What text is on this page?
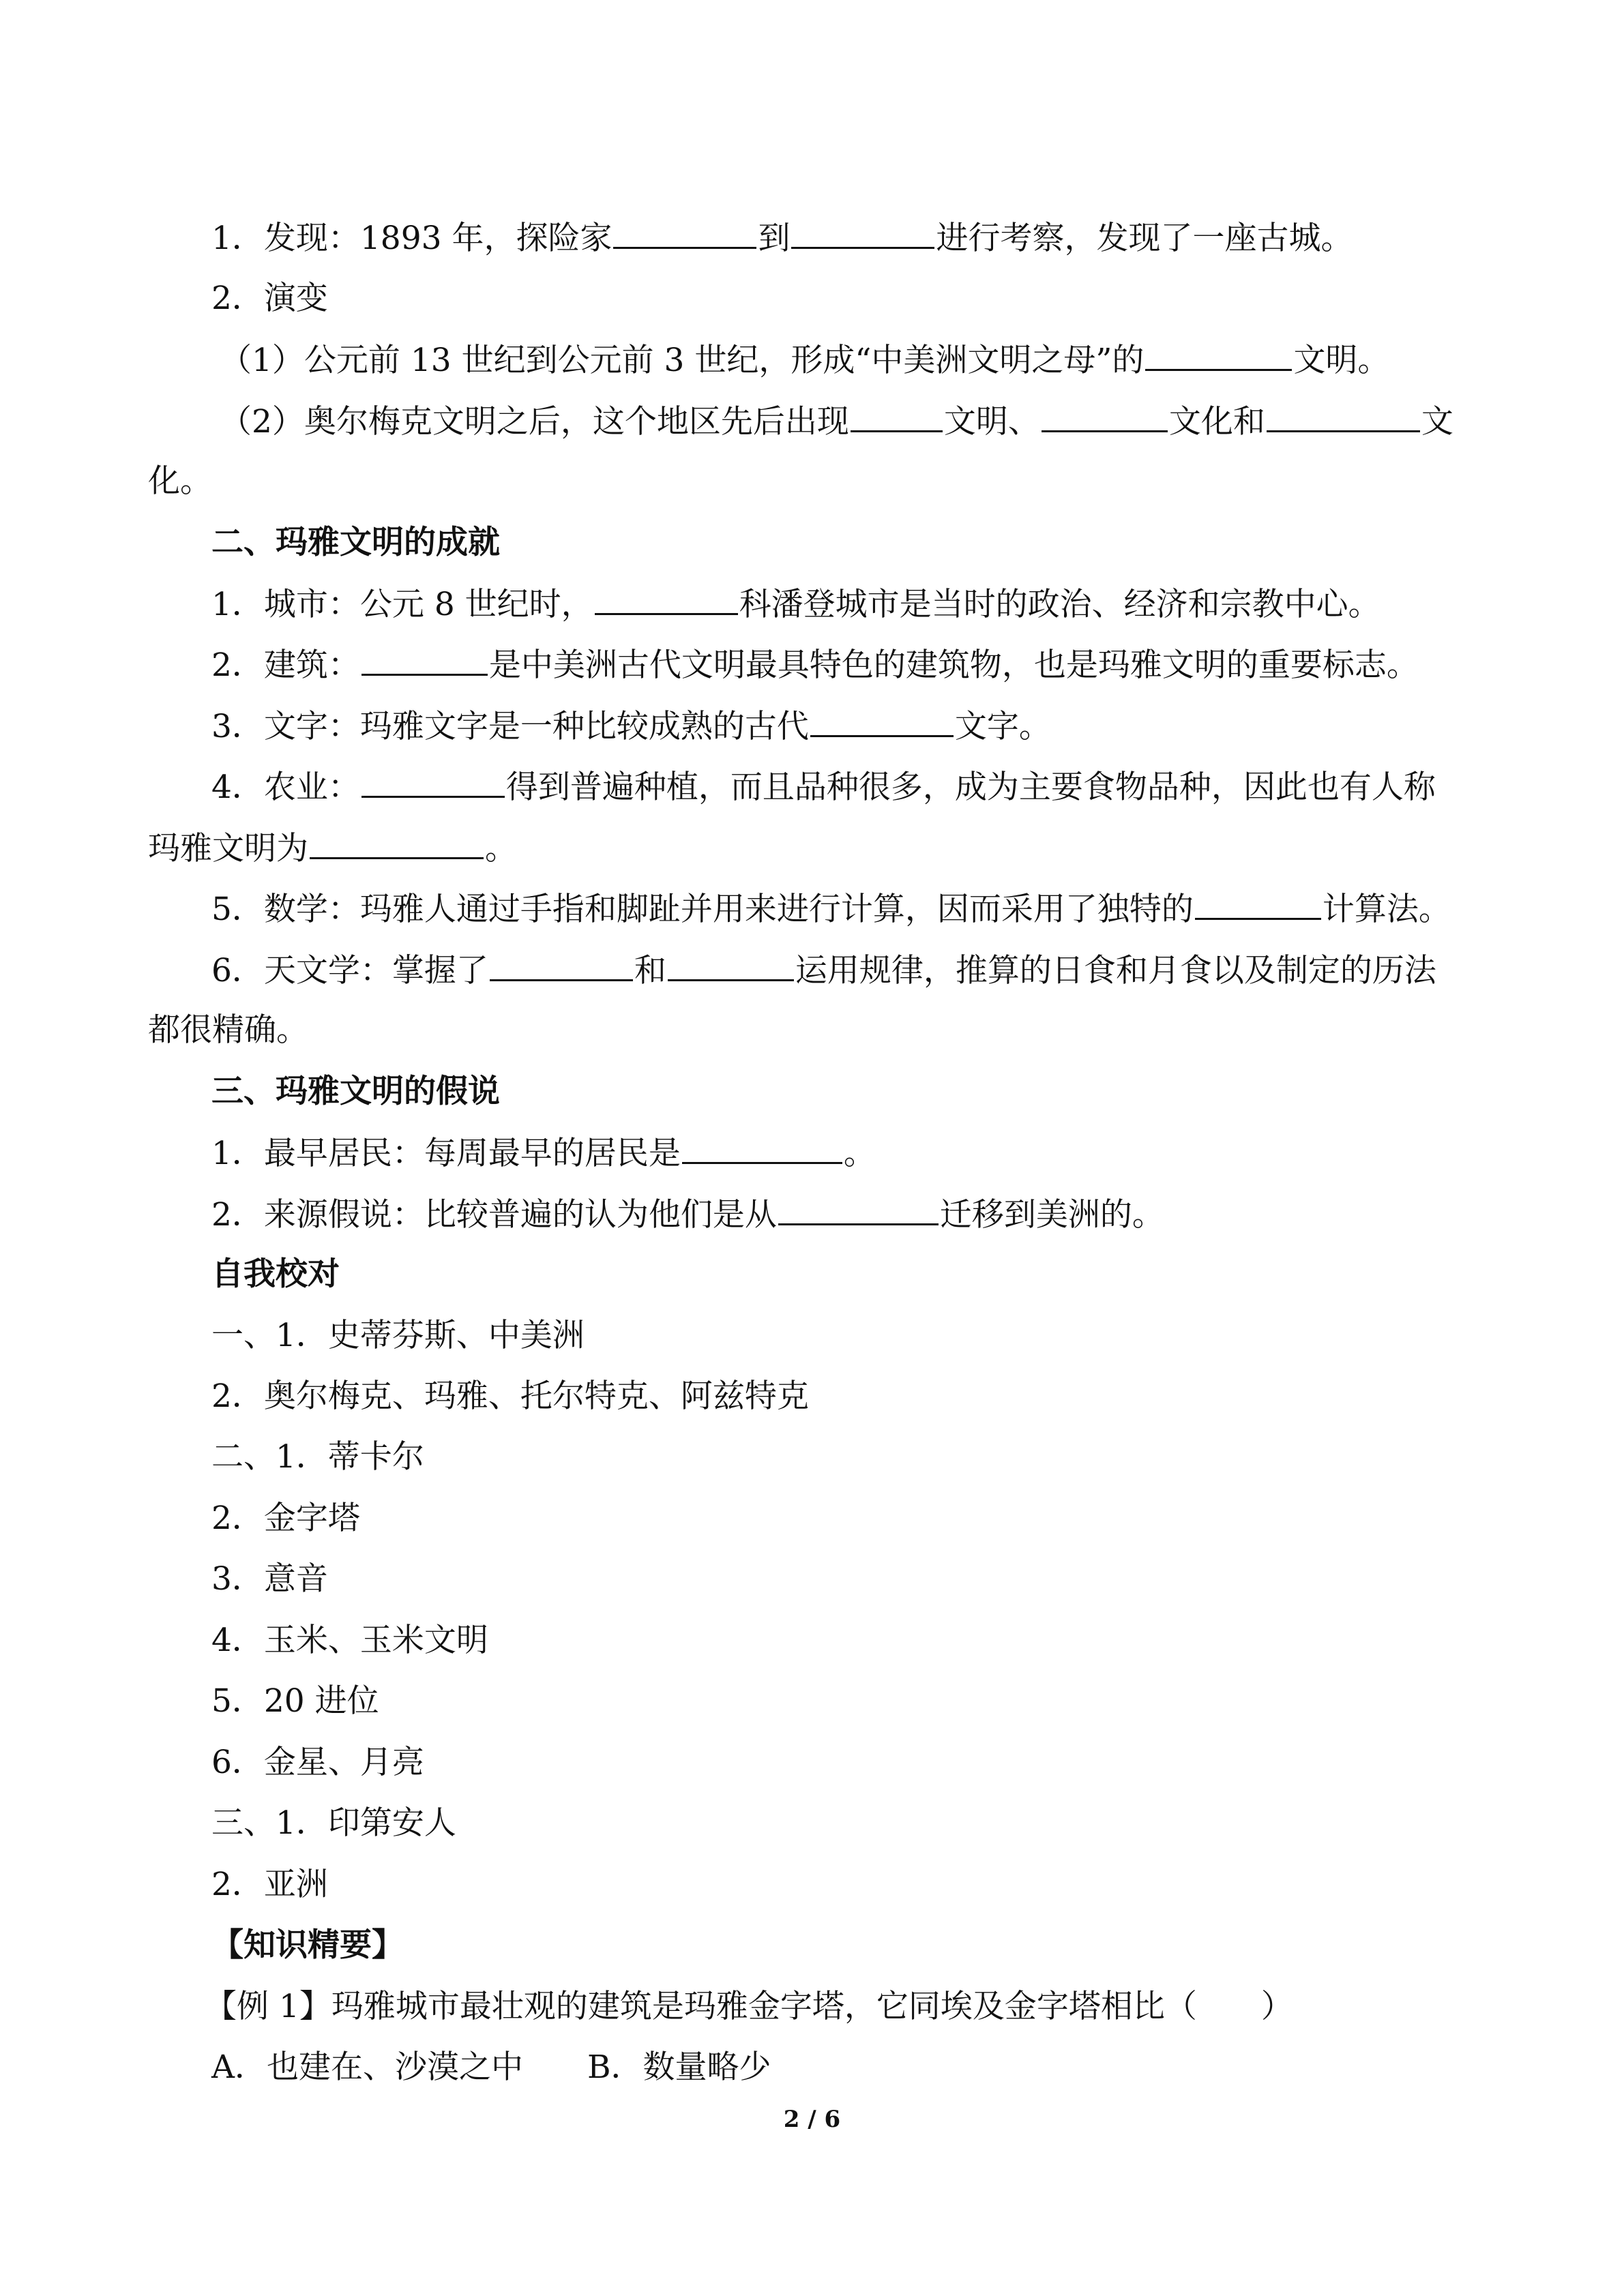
1．发现：1893 年，探险家	到	进行考察，发现了一座古城。
2．演变
（1）公元前 13 世纪到公元前 3 世纪，形成“中美洲文明之母”的	文明。
（2）奥尔梅克文明之后，这个地区先后出现	文明、	文化和	文
化。
二、玛雅文明的成就
1．城市：公元 8 世纪时，	科潘登城市是当时的政治、经济和宗教中心。
2．建筑：	是中美洲古代文明最具特色的建筑物，也是玛雅文明的重要标志。
3．文字：玛雅文字是一种比较成熟的古代	文字。
4．农业：	得到普遍种植，而且品种很多，成为主要食物品种，因此也有人称
玛雅文明为	。
5．数学：玛雅人通过手指和脚趾并用来进行计算，因而采用了独特的	计算法。
6．天文学：掌握了	和	运用规律，推算的日食和月食以及制定的历法
都很精确。
三、玛雅文明的假说
1．最早居民：每周最早的居民是	。
2．来源假说：比较普遍的认为他们是从	迁移到美洲的。
自我校对
一、1．史蒂芬斯、中美洲
2．奥尔梅克、玛雅、托尔特克、阿兹特克
二、1．蒂卡尔
2．金字塔
3．意音
4．玉米、玉米文明
5．20 进位
6．金星、月亮
三、1．印第安人
2．亚洲
【知识精要】
【例 1】玛雅城市最壮观的建筑是玛雅金字塔，它同埃及金字塔相比（　　）
A．也建在、沙漠之中　　B．数量略少
2 / 6
